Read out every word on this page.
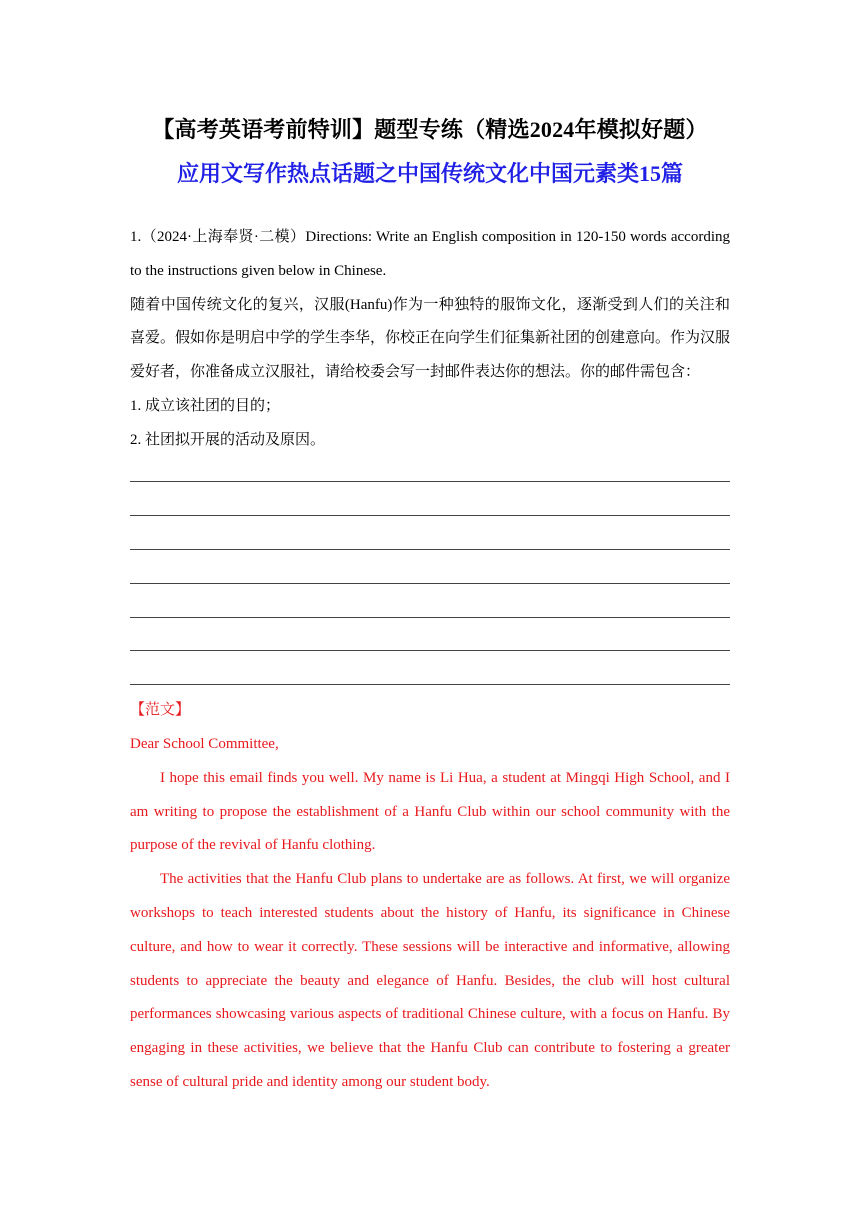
【高考英语考前特训】题型专练（精选2024年模拟好题）
应用文写作热点话题之中国传统文化中国元素类15篇

1.（2024·上海奉贤·二模）Directions: Write an English composition in 120-150 words according to the instructions given below in Chinese.

随着中国传统文化的复兴，汉服(Hanfu)作为一种独特的服饰文化，逐渐受到人们的关注和喜爱。假如你是明启中学的学生李华，你校正在向学生们征集新社团的创建意向。作为汉服爱好者，你准备成立汉服社，请给校委会写一封邮件表达你的想法。你的邮件需包含：

1. 成立该社团的目的；

2. 社团拟开展的活动及原因。

【范文】

Dear School Committee,

I hope this email finds you well. My name is Li Hua, a student at Mingqi High School, and I am writing to propose the establishment of a Hanfu Club within our school community with the purpose of the revival of Hanfu clothing.

The activities that the Hanfu Club plans to undertake are as follows. At first, we will organize workshops to teach interested students about the history of Hanfu, its significance in Chinese culture, and how to wear it correctly. These sessions will be interactive and informative, allowing students to appreciate the beauty and elegance of Hanfu. Besides, the club will host cultural performances showcasing various aspects of traditional Chinese culture, with a focus on Hanfu. By engaging in these activities, we believe that the Hanfu Club can contribute to fostering a greater sense of cultural pride and identity among our student body.
